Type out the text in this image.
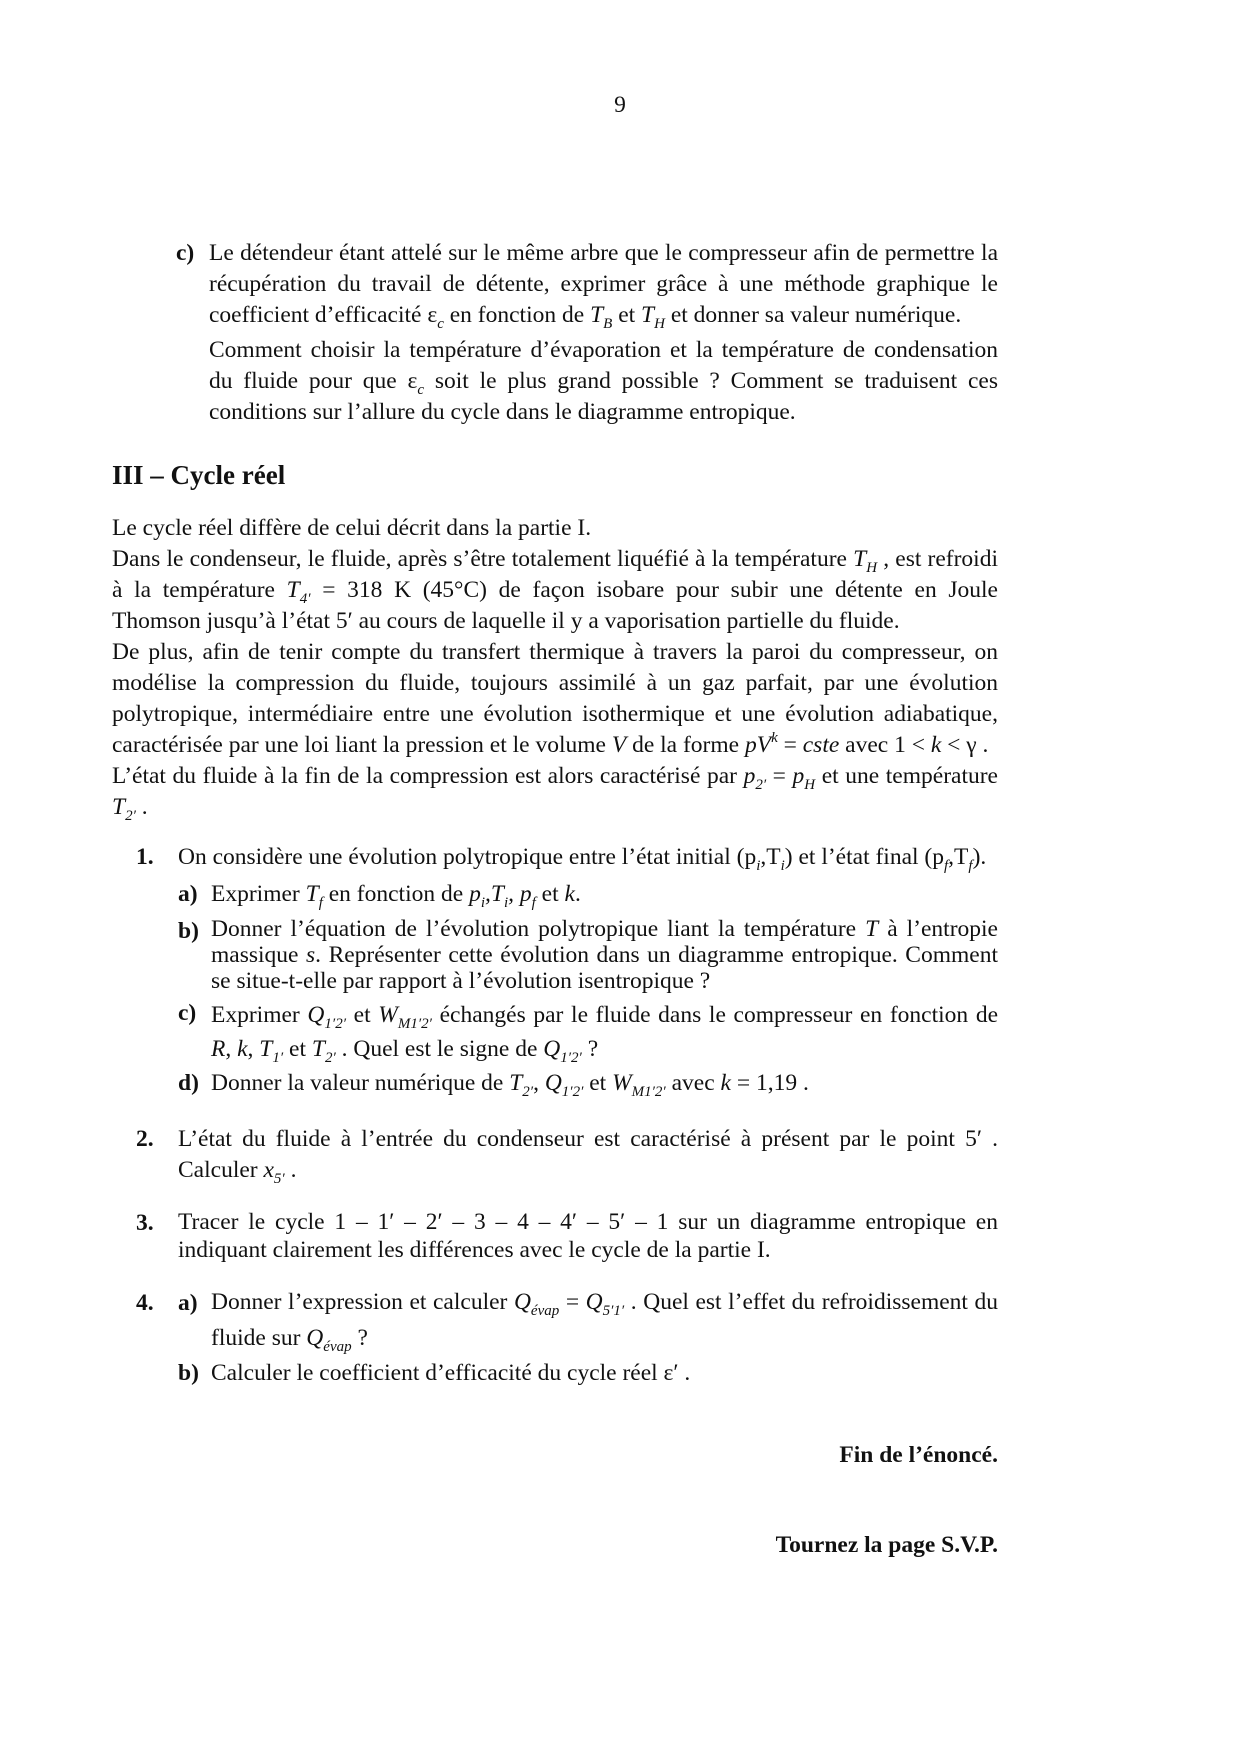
9
c) Le détendeur étant attelé sur le même arbre que le compresseur afin de permettre la récupération du travail de détente, exprimer grâce à une méthode graphique le coefficient d’efficacité $\varepsilon_c$ en fonction de $T_B$ et $T_H$ et donner sa valeur numérique.

Comment choisir la température d’évaporation et la température de condensation du fluide pour que $\varepsilon_c$ soit le plus grand possible ? Comment se traduisent ces conditions sur l’allure du cycle dans le diagramme entropique.

III – Cycle réel

Le cycle réel diffère de celui décrit dans la partie I.

Dans le condenseur, le fluide, après s’être totalement liquéfié à la température $T_H$ , est refroidi à la température $T_{4'} = 318$ K (45°C) de façon isobare pour subir une détente en Joule Thomson jusqu’à l’état 5′ au cours de laquelle il y a vaporisation partielle du fluide.

De plus, afin de tenir compte du transfert thermique à travers la paroi du compresseur, on modélise la compression du fluide, toujours assimilé à un gaz parfait, par une évolution polytropique, intermédiaire entre une évolution isothermique et une évolution adiabatique, caractérisée par une loi liant la pression et le volume V de la forme $pV^k$ = cste avec 1 < k < γ .

L’état du fluide à la fin de la compression est alors caractérisé par $p_{2'} = p_H$ et une température $T_{2'}$ .

1.	On considère une évolution polytropique entre l’état initial $(p_i,T_i)$ et l’état final $(p_f,T_f)$.
a) Exprimer $T_f$ en fonction de $p_i,T_i$, $p_f$ et k.
b) Donner l’équation de l’évolution polytropique liant la température T à l’entropie massique s. Représenter cette évolution dans un diagramme entropique. Comment se situe-t-elle par rapport à l’évolution isentropique ?
c) Exprimer $Q_{1'2'}$ et $W_{M1'2'}$ échangés par le fluide dans le compresseur en fonction de R, k, $T_{1'}$ et $T_{2'}$ . Quel est le signe de $Q_{1'2'}$ ?
d) Donner la valeur numérique de $T_{2'}$, $Q_{1'2'}$ et $W_{M1'2'}$ avec k = 1,19 .
2.	L’état du fluide à l’entrée du condenseur est caractérisé à présent par le point 5′ . Calculer $x_{5'}$ .
3.	Tracer le cycle 1 – 1′ – 2′ – 3 – 4 – 4′ – 5′ – 1 sur un diagramme entropique en indiquant clairement les différences avec le cycle de la partie I.
4.	a) Donner l’expression et calculer $Q_{évap} = Q_{5'1'}$ . Quel est l’effet du refroidissement du fluide sur $Q_{évap}$ ?
b) Calculer le coefficient d’efficacité du cycle réel ε′ .
Fin de l’énoncé.
Tournez la page S.V.P.
